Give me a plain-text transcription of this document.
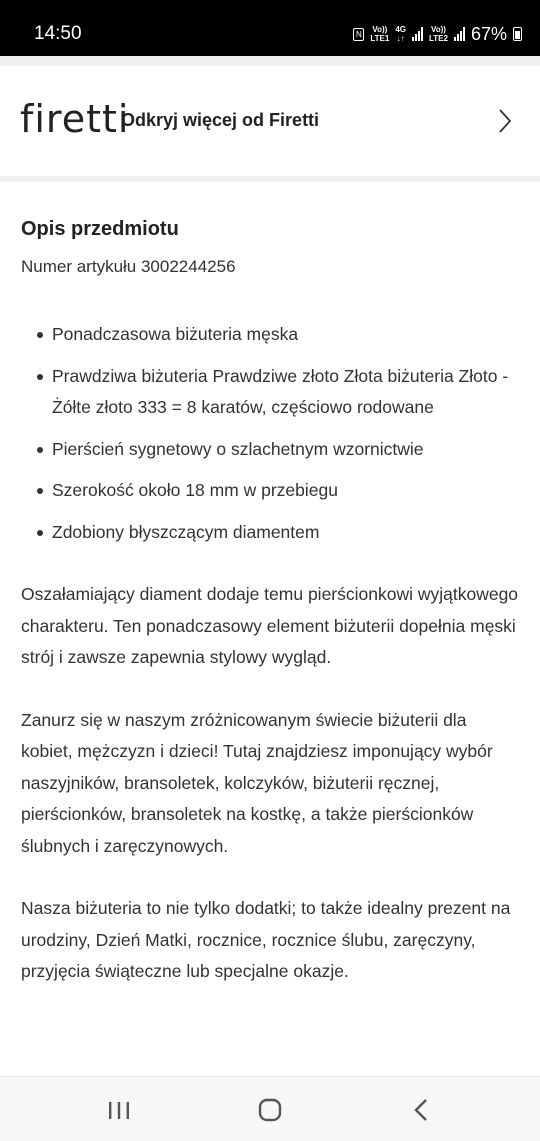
14:50	N	Vo))
LTE1
4G
↓↑
Vo))
LTE2 67%
firetti
Odkryj więcej od Firetti
Opis przedmiotu

Numer artykułu 3002244256

Ponadczasowa biżuteria męska
Prawdziwa biżuteria Prawdziwe złoto Złota biżuteria Złoto - Żółte złoto 333 = 8 karatów, częściowo rodowane
Pierścień sygnetowy o szlachetnym wzornictwie
Szerokość około 18 mm w przebiegu
Zdobiony błyszczącym diamentem

Oszałamiający diament dodaje temu pierścionkowi wyjątkowego charakteru. Ten ponadczasowy element biżuterii dopełnia męski strój i zawsze zapewnia stylowy wygląd.

Zanurz się w naszym zróżnicowanym świecie biżuterii dla kobiet, mężczyzn i dzieci! Tutaj znajdziesz imponujący wybór naszyjników, bransoletek, kolczyków, biżuterii ręcznej, pierścionków, bransoletek na kostkę, a także pierścionków ślubnych i zaręczynowych.

Nasza biżuteria to nie tylko dodatki; to także idealny prezent na urodziny, Dzień Matki, rocznice, rocznice ślubu, zaręczyny, przyjęcia świąteczne lub specjalne okazje.
